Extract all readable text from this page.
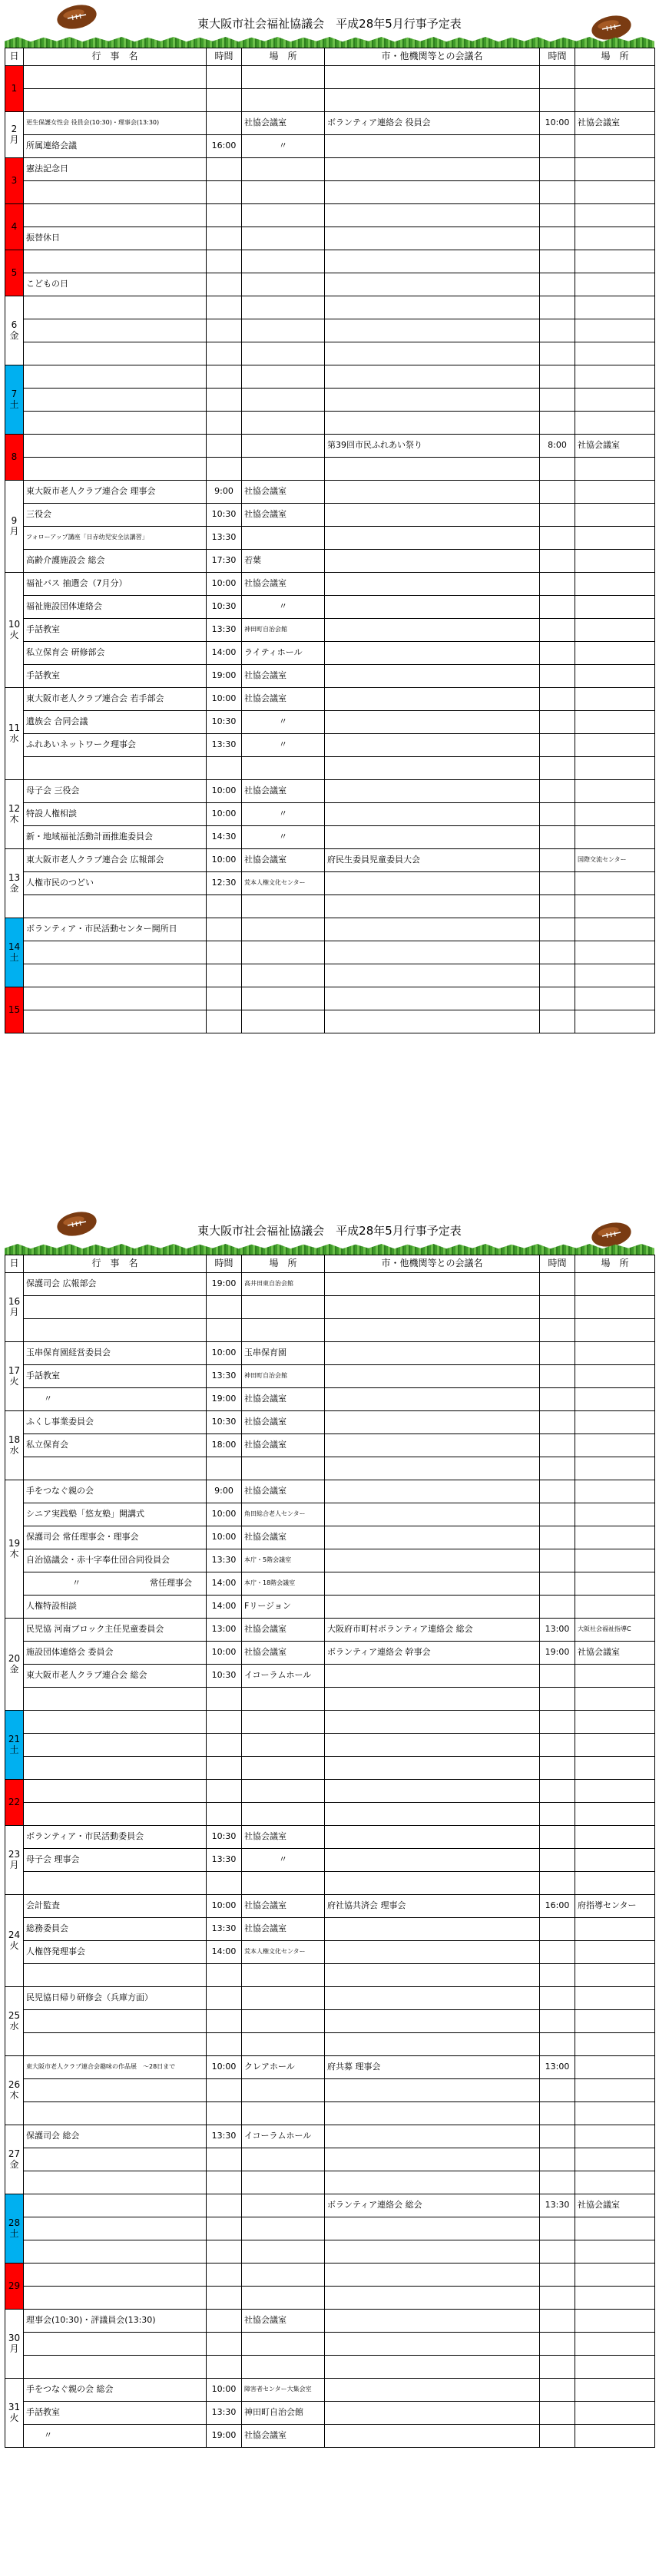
東大阪市社会福祉協議会　平成28年5月行事予定表
日	行　事　名	時間	場　所	市・他機関等との会議名	時間	場　所
1						

2
月	更生保護女性会 役員会(10:30)・理事会(13:30)		社協会議室	ボランティア連絡会 役員会	10:00	社協会議室
	所属連絡会議	16:00	〃			
3	憲法記念日					

4						
	振替休日					
5						
	こどもの日					
6
金						

7
土						

8				第39回市民ふれあい祭り	8:00	社協会議室

9
月	東大阪市老人クラブ連合会 理事会	9:00	社協会議室			
	三役会	10:30	社協会議室			
	フォローアップ講座「日赤幼児安全法講習」	13:30				
	高齢介護施設会 総会	17:30	若葉			
10
火	福祉バス 抽選会（7月分）	10:00	社協会議室			
	福祉施設団体連絡会	10:30	〃			
	手話教室	13:30	神田町自治会館			
	私立保育会 研修部会	14:00	ライティホール			
	手話教室	19:00	社協会議室			
11
水	東大阪市老人クラブ連合会 若手部会	10:00	社協会議室			
	遺族会 合同会議	10:30	〃			
	ふれあいネットワーク理事会	13:30	〃			

12
木	母子会 三役会	10:00	社協会議室			
	特設人権相談	10:00	〃			
	新・地域福祉活動計画推進委員会	14:30	〃			
13
金	東大阪市老人クラブ連合会 広報部会	10:00	社協会議室	府民生委員児童委員大会		国際交流センター
	人権市民のつどい	12:30	荒本人権文化センター			

14
土	ボランティア・市民活動センター開所日					

15						

東大阪市社会福祉協議会　平成28年5月行事予定表
日	行　事　名	時間	場　所	市・他機関等との会議名	時間	場　所
16
月	保護司会 広報部会	19:00	高井田東自治会館			

17
火	玉串保育園経営委員会	10:00	玉串保育園			
	手話教室	13:30	神田町自治会館			
	〃	19:00	社協会議室			
18
水	ふくし事業委員会	10:30	社協会議室			
	私立保育会	18:00	社協会議室			

19
木	手をつなぐ親の会	9:00	社協会議室			
	シニア実践塾「悠友塾」開講式	10:00	角田総合老人センター			
	保護司会 常任理事会・理事会	10:00	社協会議室			
	自治協議会・赤十字奉仕団合同役員会	13:30	本庁・5階会議室			
	〃 常任理事会	14:00	本庁・18階会議室			
	人権特設相談	14:00	Fリージョン			
20
金	民児協 河南ブロック主任児童委員会	13:00	社協会議室	大阪府市町村ボランティア連絡会 総会	13:00	大阪社会福祉指導C
	施設団体連絡会 委員会	10:00	社協会議室	ボランティア連絡会 幹事会	19:00	社協会議室
	東大阪市老人クラブ連合会 総会	10:30	イコーラムホール			

21
土						

22						

23
月	ボランティア・市民活動委員会	10:30	社協会議室			
	母子会 理事会	13:30	〃			

24
火	会計監査	10:00	社協会議室	府社協共済会 理事会	16:00	府指導センター
	総務委員会	13:30	社協会議室			
	人権啓発理事会	14:00	荒本人権文化センター			

25
水	民児協日帰り研修会（兵庫方面）					

26
木	東大阪市老人クラブ連合会趣味の作品展　～28日まで	10:00	クレアホール	府共募 理事会	13:00	

27
金	保護司会 総会	13:30	イコーラムホール			

28
土				ボランティア連絡会 総会	13:30	社協会議室

29						

30
月	理事会(10:30)・評議員会(13:30)		社協会議室			

31
火	手をつなぐ親の会 総会	10:00	障害者センター大集会室			
	手話教室	13:30	神田町自治会館			
	〃	19:00	社協会議室			
